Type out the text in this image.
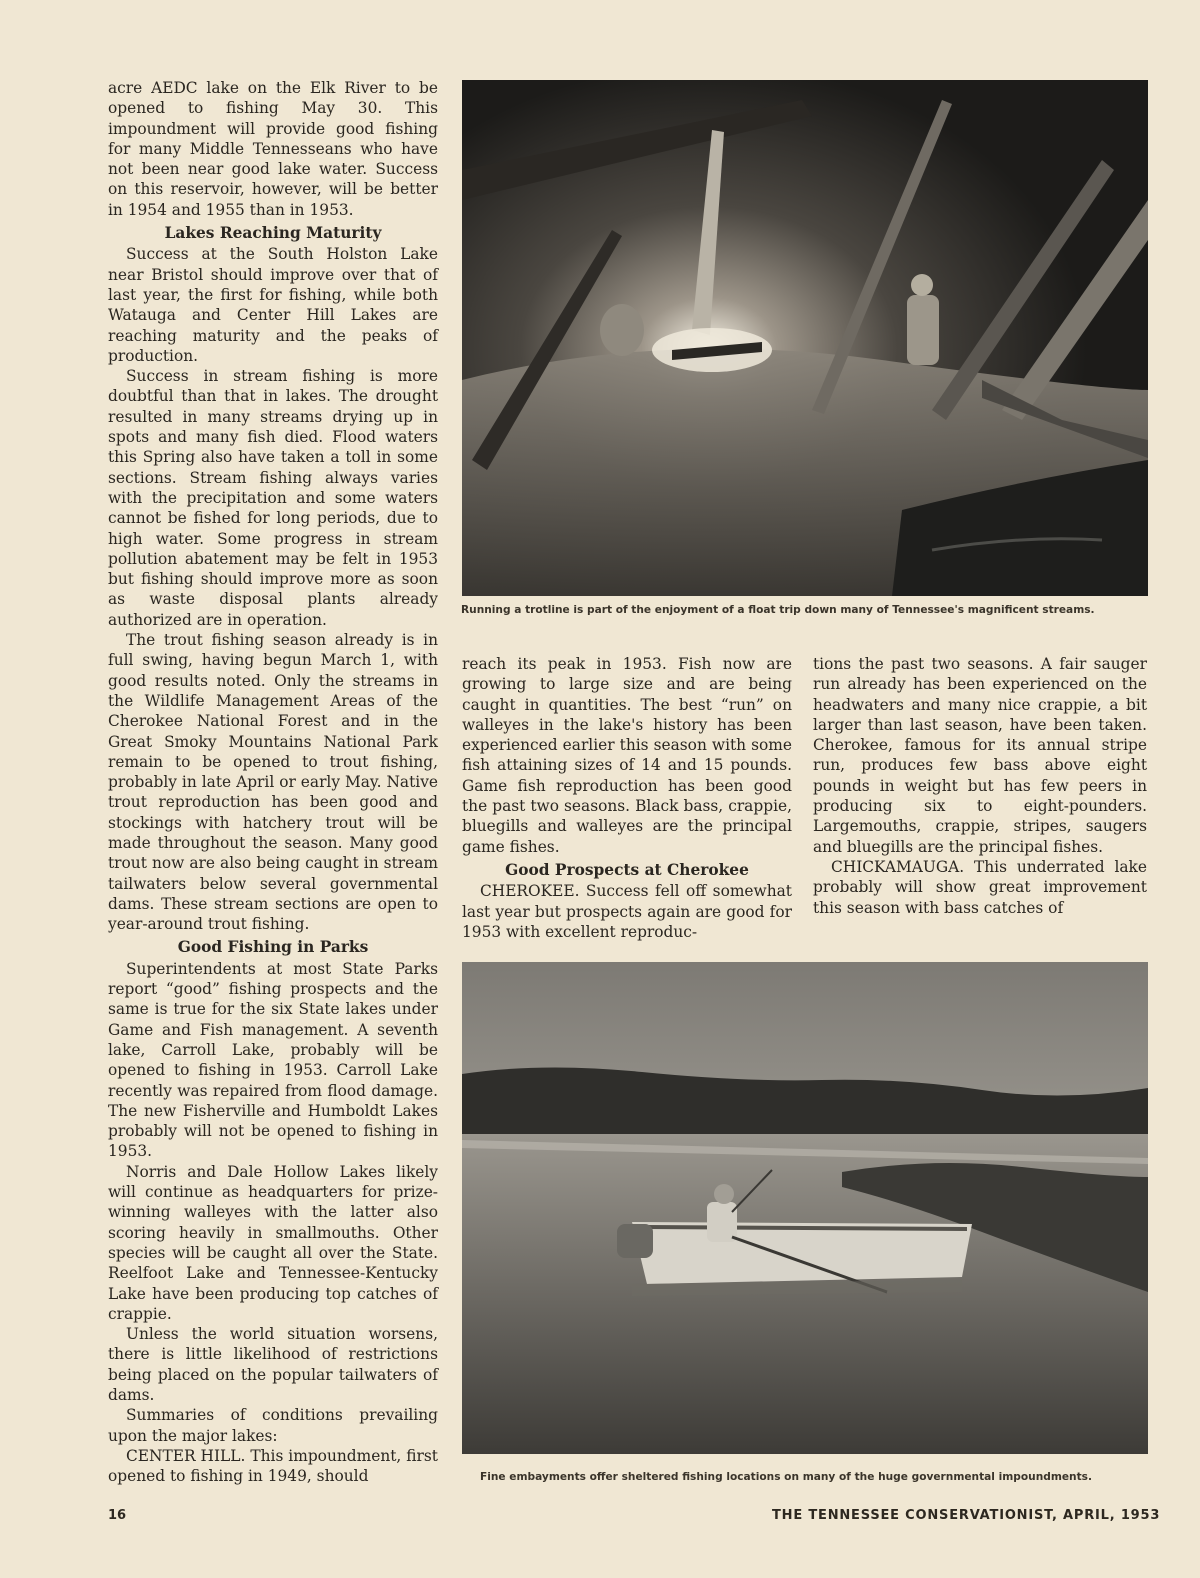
acre AEDC lake on the Elk River to be opened to fishing May 30. This impoundment will provide good fishing for many Middle Tennesseans who have not been near good lake water. Success on this reservoir, however, will be better in 1954 and 1955 than in 1953.

Lakes Reaching Maturity

Success at the South Holston Lake near Bristol should improve over that of last year, the first for fishing, while both Watauga and Center Hill Lakes are reaching maturity and the peaks of production.

Success in stream fishing is more doubtful than that in lakes. The drought resulted in many streams drying up in spots and many fish died. Flood waters this Spring also have taken a toll in some sections. Stream fishing always varies with the precipitation and some waters cannot be fished for long periods, due to high water. Some progress in stream pollution abatement may be felt in 1953 but fishing should improve more as soon as waste disposal plants already authorized are in operation.

The trout fishing season already is in full swing, having begun March 1, with good results noted. Only the streams in the Wildlife Management Areas of the Cherokee National Forest and in the Great Smoky Mountains National Park remain to be opened to trout fishing, probably in late April or early May. Native trout reproduction has been good and stockings with hatchery trout will be made throughout the season. Many good trout now are also being caught in stream tailwaters below several governmental dams. These stream sections are open to year-around trout fishing.

Good Fishing in Parks

Superintendents at most State Parks report “good” fishing prospects and the same is true for the six State lakes under Game and Fish management. A seventh lake, Carroll Lake, probably will be opened to fishing in 1953. Carroll Lake recently was repaired from flood damage. The new Fisherville and Humboldt Lakes probably will not be opened to fishing in 1953.

Norris and Dale Hollow Lakes likely will continue as headquarters for prize-winning walleyes with the latter also scoring heavily in smallmouths. Other species will be caught all over the State. Reelfoot Lake and Tennessee-Kentucky Lake have been producing top catches of crappie.

Unless the world situation worsens, there is little likelihood of restrictions being placed on the popular tailwaters of dams.

Summaries of conditions prevailing upon the major lakes:

CENTER HILL. This impoundment, first opened to fishing in 1949, should

Running a trotline is part of the enjoyment of a float trip down many of Tennessee's magnificent streams.

reach its peak in 1953. Fish now are growing to large size and are being caught in quantities. The best “run” on walleyes in the lake's history has been experienced earlier this season with some fish attaining sizes of 14 and 15 pounds. Game fish reproduction has been good the past two seasons. Black bass, crappie, bluegills and walleyes are the principal game fishes.

Good Prospects at Cherokee

CHEROKEE. Success fell off somewhat last year but prospects again are good for 1953 with excellent reproduc-

tions the past two seasons. A fair sauger run already has been experienced on the headwaters and many nice crappie, a bit larger than last season, have been taken. Cherokee, famous for its annual stripe run, produces few bass above eight pounds in weight but has few peers in producing six to eight-pounders. Largemouths, crappie, stripes, saugers and bluegills are the principal fishes.

CHICKAMAUGA. This underrated lake probably will show great improvement this season with bass catches of

Fine embayments offer sheltered fishing locations on many of the huge governmental impoundments.
16	THE TENNESSEE CONSERVATIONIST, APRIL, 1953
